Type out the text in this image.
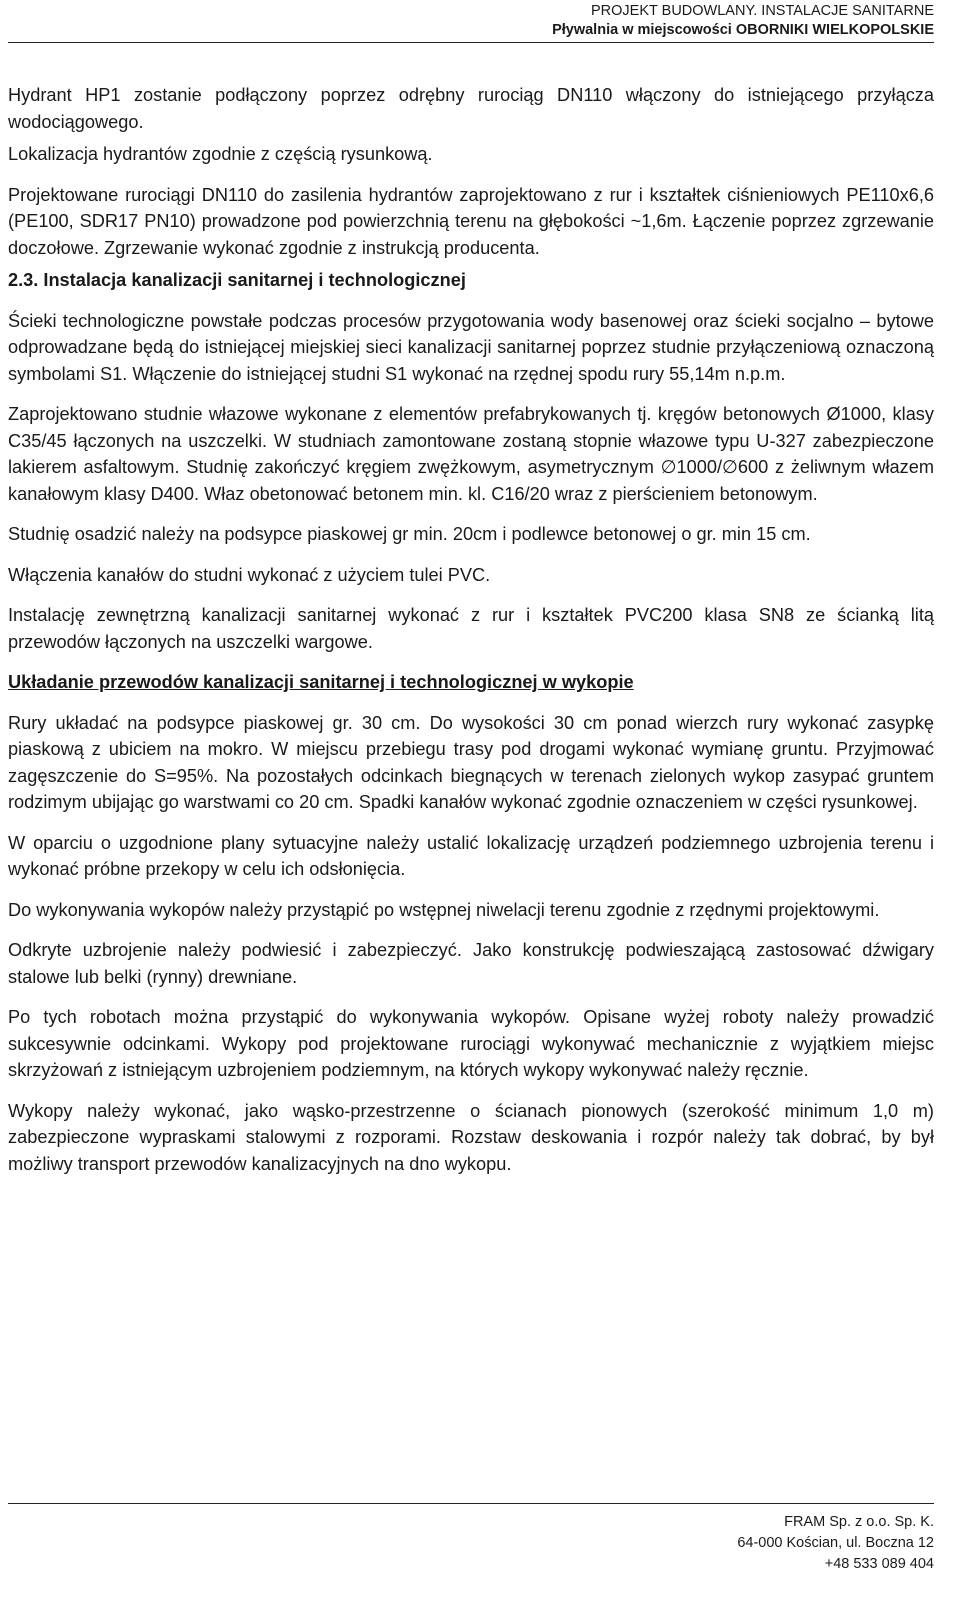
PROJEKT BUDOWLANY. INSTALACJE SANITARNE
Pływalnia w miejscowości OBORNIKI WIELKOPOLSKIE

Hydrant HP1 zostanie podłączony poprzez odrębny rurociąg DN110 włączony do istniejącego przyłącza wodociągowego.

Lokalizacja hydrantów zgodnie z częścią rysunkową.

Projektowane rurociągi DN110 do zasilenia hydrantów zaprojektowano z rur i kształtek ciśnieniowych PE110x6,6 (PE100, SDR17 PN10) prowadzone pod powierzchnią terenu na głębokości ~1,6m. Łączenie poprzez zgrzewanie doczołowe. Zgrzewanie wykonać zgodnie z instrukcją producenta.

2.3. Instalacja kanalizacji sanitarnej i technologicznej

Ścieki technologiczne powstałe podczas procesów przygotowania wody basenowej oraz ścieki socjalno – bytowe odprowadzane będą do istniejącej miejskiej sieci kanalizacji sanitarnej poprzez studnie przyłączeniową oznaczoną symbolami S1. Włączenie do istniejącej studni S1 wykonać na rzędnej spodu rury 55,14m n.p.m.

Zaprojektowano studnie włazowe wykonane z elementów prefabrykowanych tj. kręgów betonowych Ø1000, klasy C35/45 łączonych na uszczelki. W studniach zamontowane zostaną stopnie włazowe typu U-327 zabezpieczone lakierem asfaltowym. Studnię zakończyć kręgiem zwężkowym, asymetrycznym ∅1000/∅600 z żeliwnym włazem kanałowym klasy D400. Właz obetonować betonem min. kl. C16/20 wraz z pierścieniem betonowym.

Studnię osadzić należy na podsypce piaskowej gr min. 20cm i podlewce betonowej o gr. min 15 cm.

Włączenia kanałów do studni wykonać z użyciem tulei PVC.

Instalację zewnętrzną kanalizacji sanitarnej wykonać z rur i kształtek PVC200 klasa SN8 ze ścianką litą przewodów łączonych na uszczelki wargowe.

Układanie przewodów kanalizacji sanitarnej i technologicznej w wykopie

Rury układać na podsypce piaskowej gr. 30 cm. Do wysokości 30 cm ponad wierzch rury wykonać zasypkę piaskową z ubiciem na mokro. W miejscu przebiegu trasy pod drogami wykonać wymianę gruntu. Przyjmować zagęszczenie do S=95%. Na pozostałych odcinkach biegnących w terenach zielonych wykop zasypać gruntem rodzimym ubijając go warstwami co 20 cm. Spadki kanałów wykonać zgodnie oznaczeniem w części rysunkowej.

W oparciu o uzgodnione plany sytuacyjne należy ustalić lokalizację urządzeń podziemnego uzbrojenia terenu i wykonać próbne przekopy w celu ich odsłonięcia.

Do wykonywania wykopów należy przystąpić po wstępnej niwelacji terenu zgodnie z rzędnymi projektowymi.

Odkryte uzbrojenie należy podwiesić i zabezpieczyć. Jako konstrukcję podwieszającą zastosować dźwigary stalowe lub belki (rynny) drewniane.

Po tych robotach można przystąpić do wykonywania wykopów. Opisane wyżej roboty należy prowadzić sukcesywnie odcinkami. Wykopy pod projektowane rurociągi wykonywać mechanicznie z wyjątkiem miejsc skrzyżowań z istniejącym uzbrojeniem podziemnym, na których wykopy wykonywać należy ręcznie.

Wykopy należy wykonać, jako wąsko-przestrzenne o ścianach pionowych (szerokość minimum 1,0 m) zabezpieczone wypraskami stalowymi z rozporami. Rozstaw deskowania i rozpór należy tak dobrać, by był możliwy transport przewodów kanalizacyjnych na dno wykopu.

FRAM Sp. z o.o. Sp. K.
64-000 Kościan, ul. Boczna 12
+48 533 089 404
